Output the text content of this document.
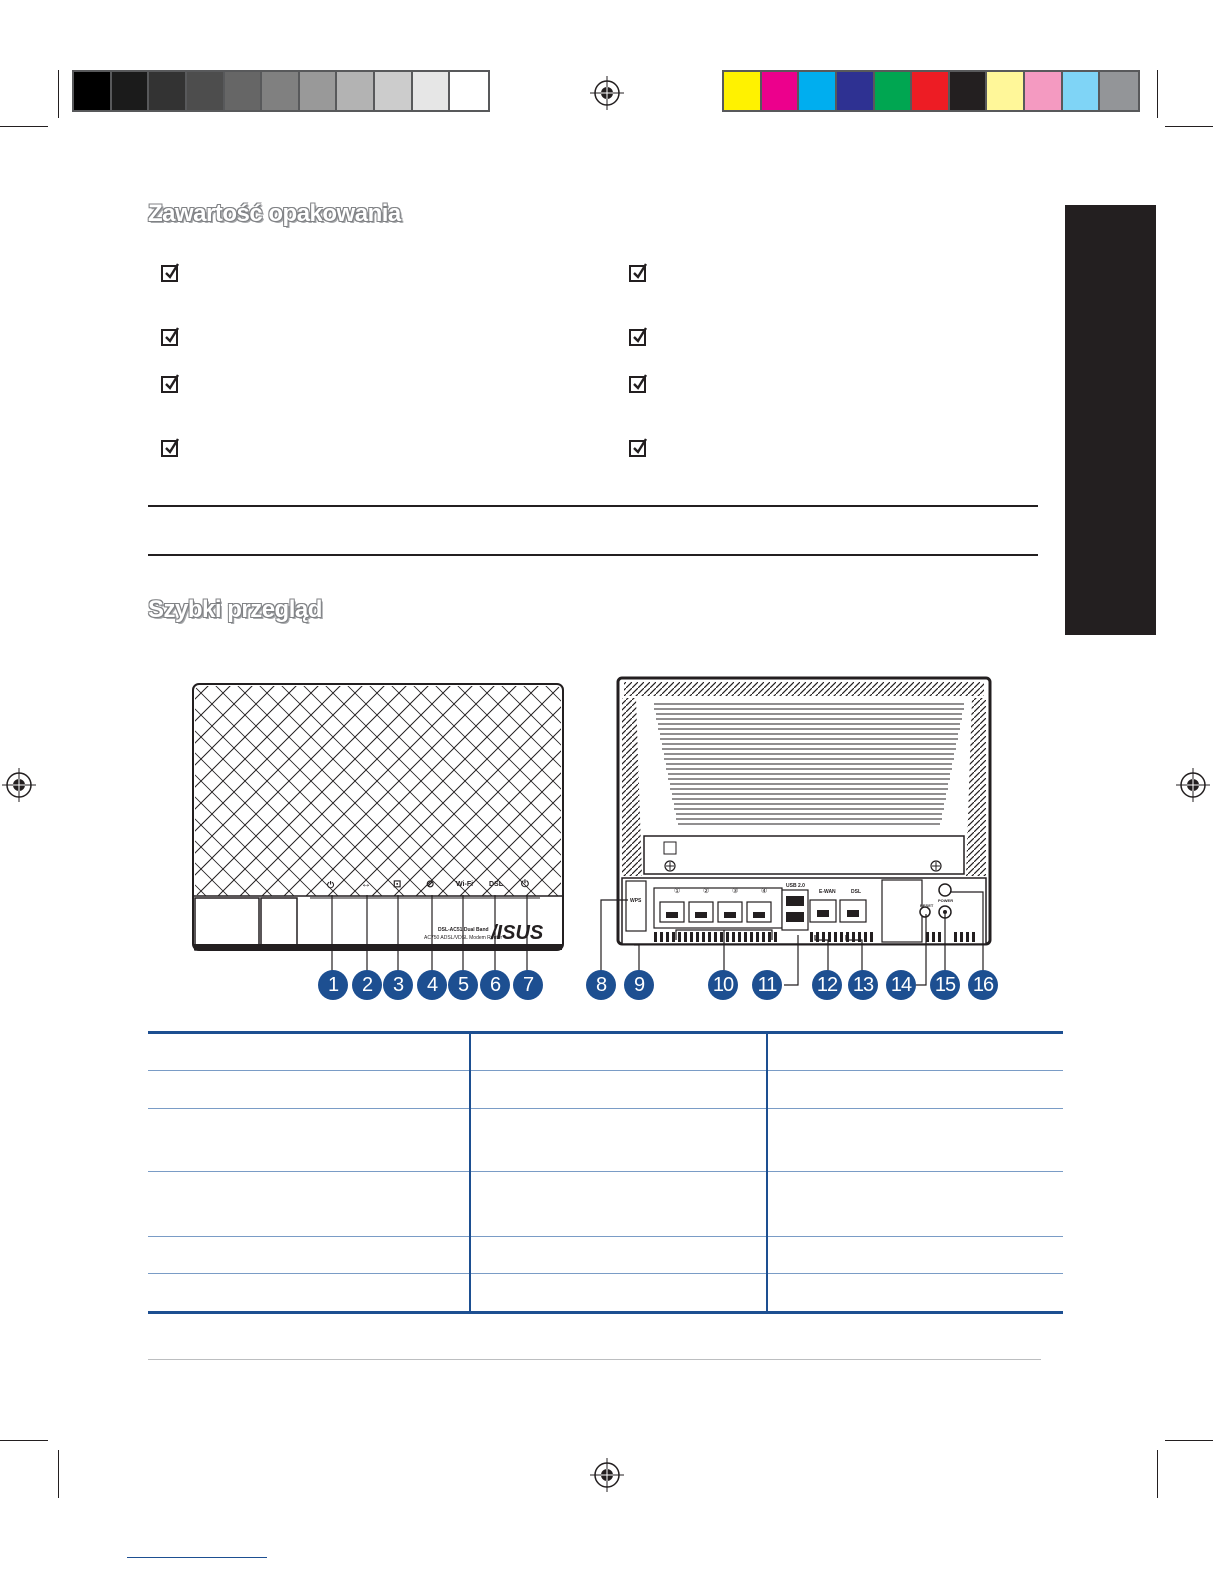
Zawartość opakowania
Szybki przegląd
⏻	↔ ⊡ ⊘	Wi-Fi DSL ⏻
DSL-AC51 Dual Band
AC750 ADSL/VDSL Modem Router
/ISUS
①	②	③	④
USB 2.0
E-WAN	DSL
RESET
POWER
WPS
1	2	3	4	5	6	7	8	9	10 11 12 13 14 15 16
